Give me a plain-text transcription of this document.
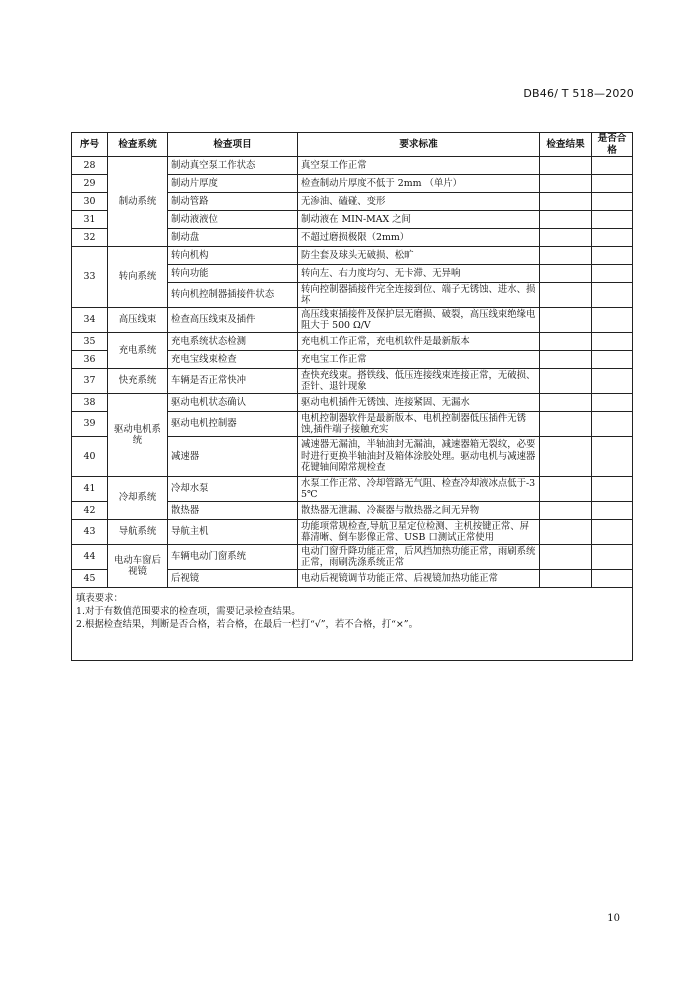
DB46/ T 518—2020
序号	检查系统	检查项目	要求标准	检查结果	是否合格
28	制动系统	制动真空泵工作状态	真空泵工作正常		
29		制动片厚度	检查制动片厚度不低于 2mm （单片）		
30		制动管路	无渗油、磕碰、变形		
31		制动液液位	制动液在 MIN-MAX 之间		
32		制动盘	不超过磨损极限（2mm）		
33	转向系统	转向机构	防尘套及球头无破损、松旷		
		转向功能	转向左、右力度均匀、无卡滞、无异响		
		转向机控制器插接件状态	转向控制器插接件完全连接到位、端子无锈蚀、进水、损坏		
34	高压线束	检查高压线束及插件	高压线束插接件及保护层无磨损、破裂，高压线束绝缘电阻大于 500 Ω/V		
35	充电系统	充电系统状态检测	充电机工作正常，充电机软件是最新版本		
36		充电宝线束检查	充电宝工作正常		
37	快充系统	车辆是否正常快冲	查快充线束。搭铁线、低压连接线束连接正常，无破损、歪针、退针现象		
38	驱动电机系统	驱动电机状态确认	驱动电机插件无锈蚀、连接紧固、无漏水		
39		驱动电机控制器	电机控制器软件是最新版本、电机控制器低压插件无锈蚀,插件端子接触充实		
40		减速器	减速器无漏油，半轴油封无漏油，减速器箱无裂纹，必要时进行更换半轴油封及箱体涂胶处理。驱动电机与减速器花键轴间隙常规检查		
41	冷却系统	冷却水泵	水泵工作正常、冷却管路无气阻、检查冷却液冰点低于-35℃		
42		散热器	散热器无泄漏、冷凝器与散热器之间无异物		
43	导航系统	导航主机	功能项常规检查,导航卫星定位检测、主机按键正常、屏幕清晰、倒车影像正常、USB 口测试正常使用		
44	电动车窗后视镜	车辆电动门窗系统	电动门窗升降功能正常，后风挡加热功能正常，雨刷系统正常，雨刷洗涤系统正常		
45		后视镜	电动后视镜调节功能正常、后视镜加热功能正常		

填表要求：
1.对于有数值范围要求的检查项，需要记录检查结果。
2.根据检查结果，判断是否合格，若合格，在最后一栏打“√”，若不合格，打“×”。					
10
